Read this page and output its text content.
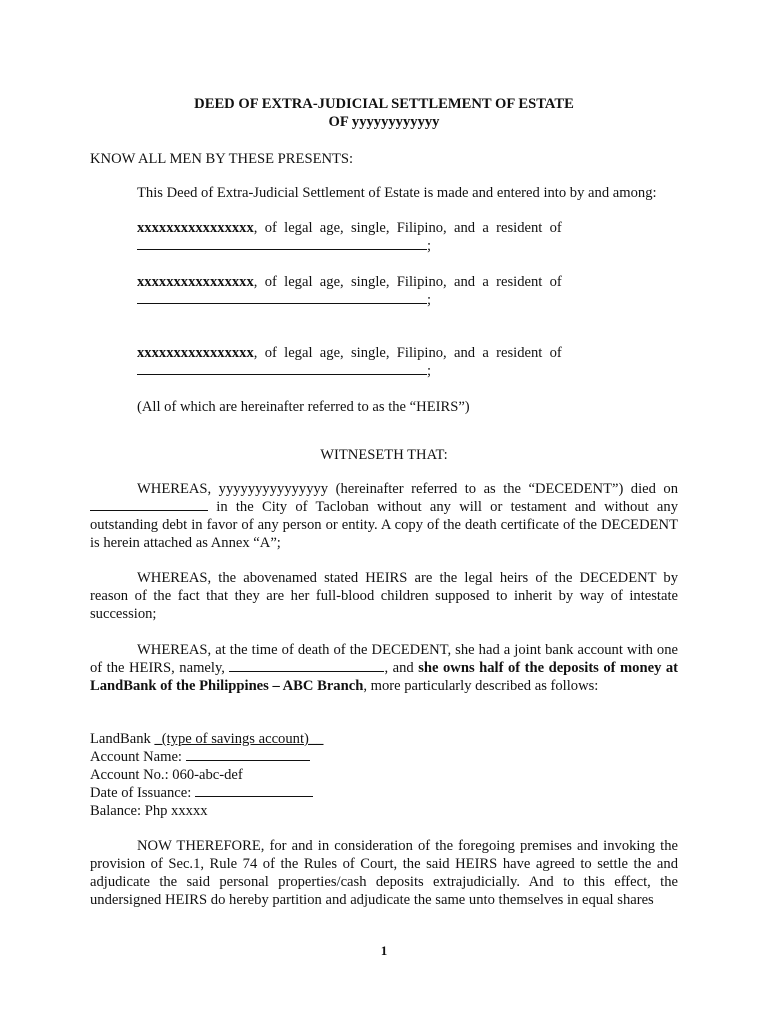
DEED OF EXTRA-JUDICIAL SETTLEMENT OF ESTATE
OF yyyyyyyyyyyy
KNOW ALL MEN BY THESE PRESENTS:
This Deed of Extra-Judicial Settlement of Estate is made and entered into by and among:
xxxxxxxxxxxxxxxx,  of  legal  age,  single,  Filipino,  and  a  resident  of
;
xxxxxxxxxxxxxxxx,  of  legal  age,  single,  Filipino,  and  a  resident  of
;
xxxxxxxxxxxxxxxx,  of  legal  age,  single,  Filipino,  and  a  resident  of
;
(All of which are hereinafter referred to as the “HEIRS”)
WITNESETH THAT:
WHEREAS, yyyyyyyyyyyyyyy (hereinafter referred to as the “DECEDENT”) died on  in the City of Tacloban without any will or testament and without any outstanding debt in favor of any person or entity. A copy of the death certificate of the DECEDENT is herein attached as Annex “A”;
WHEREAS, the abovenamed stated HEIRS are the legal heirs of the DECEDENT by reason of the fact that they are her full-blood children supposed to inherit by way of intestate succession;
WHEREAS, at the time of death of the DECEDENT, she had a joint bank account with one of the HEIRS, namely,	, and she owns half of the deposits of money at LandBank of the Philippines – ABC Branch, more particularly described as follows:
LandBank _(type of savings account)__
Account Name:
Account No.: 060-abc-def
Date of Issuance:
Balance: Php xxxxx
NOW THEREFORE, for and in consideration of the foregoing premises and invoking the provision of Sec.1, Rule 74 of the Rules of Court, the said HEIRS have agreed to settle the and adjudicate the said personal properties/cash deposits extrajudicially. And to this effect, the undersigned HEIRS do hereby partition and adjudicate the same unto themselves in equal shares
1
